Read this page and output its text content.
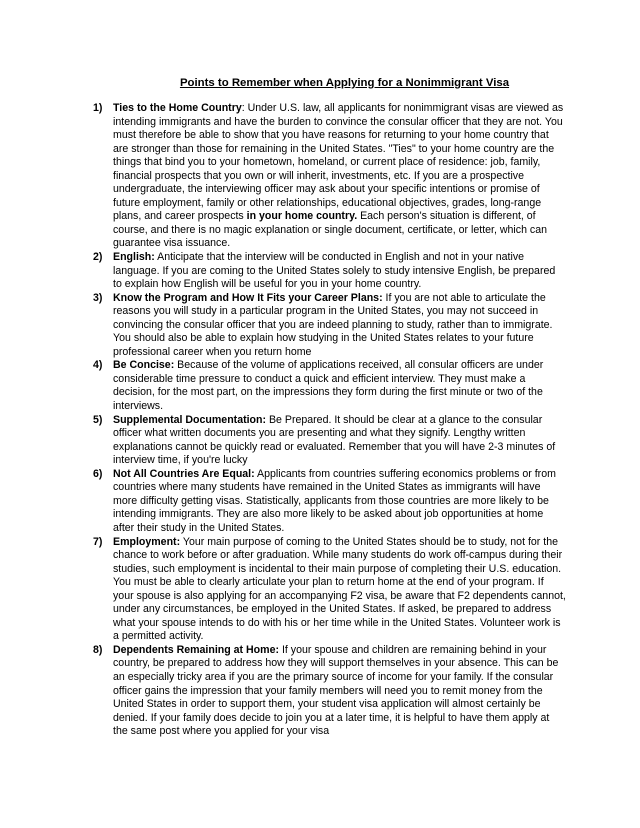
Points to Remember when Applying for a Nonimmigrant Visa
1) Ties to the Home Country: Under U.S. law, all applicants for nonimmigrant visas are viewed as intending immigrants and have the burden to convince the consular officer that they are not. You must therefore be able to show that you have reasons for returning to your home country that are stronger than those for remaining in the United States. "Ties" to your home country are the things that bind you to your hometown, homeland, or current place of residence: job, family, financial prospects that you own or will inherit, investments, etc. If you are a prospective undergraduate, the interviewing officer may ask about your specific intentions or promise of future employment, family or other relationships, educational objectives, grades, long-range plans, and career prospects in your home country. Each person's situation is different, of course, and there is no magic explanation or single document, certificate, or letter, which can guarantee visa issuance.
2) English: Anticipate that the interview will be conducted in English and not in your native language. If you are coming to the United States solely to study intensive English, be prepared to explain how English will be useful for you in your home country.
3) Know the Program and How It Fits your Career Plans: If you are not able to articulate the reasons you will study in a particular program in the United States, you may not succeed in convincing the consular officer that you are indeed planning to study, rather than to immigrate. You should also be able to explain how studying in the United States relates to your future professional career when you return home
4) Be Concise: Because of the volume of applications received, all consular officers are under considerable time pressure to conduct a quick and efficient interview. They must make a decision, for the most part, on the impressions they form during the first minute or two of the interviews.
5) Supplemental Documentation: Be Prepared. It should be clear at a glance to the consular officer what written documents you are presenting and what they signify. Lengthy written explanations cannot be quickly read or evaluated. Remember that you will have 2-3 minutes of interview time, if you're lucky
6) Not All Countries Are Equal: Applicants from countries suffering economics problems or from countries where many students have remained in the United States as immigrants will have more difficulty getting visas. Statistically, applicants from those countries are more likely to be intending immigrants. They are also more likely to be asked about job opportunities at home after their study in the United States.
7) Employment: Your main purpose of coming to the United States should be to study, not for the chance to work before or after graduation. While many students do work off-campus during their studies, such employment is incidental to their main purpose of completing their U.S. education. You must be able to clearly articulate your plan to return home at the end of your program. If your spouse is also applying for an accompanying F2 visa, be aware that F2 dependents cannot, under any circumstances, be employed in the United States. If asked, be prepared to address what your spouse intends to do with his or her time while in the United States. Volunteer work is a permitted activity.
8) Dependents Remaining at Home: If your spouse and children are remaining behind in your country, be prepared to address how they will support themselves in your absence. This can be an especially tricky area if you are the primary source of income for your family. If the consular officer gains the impression that your family members will need you to remit money from the United States in order to support them, your student visa application will almost certainly be denied. If your family does decide to join you at a later time, it is helpful to have them apply at the same post where you applied for your visa
